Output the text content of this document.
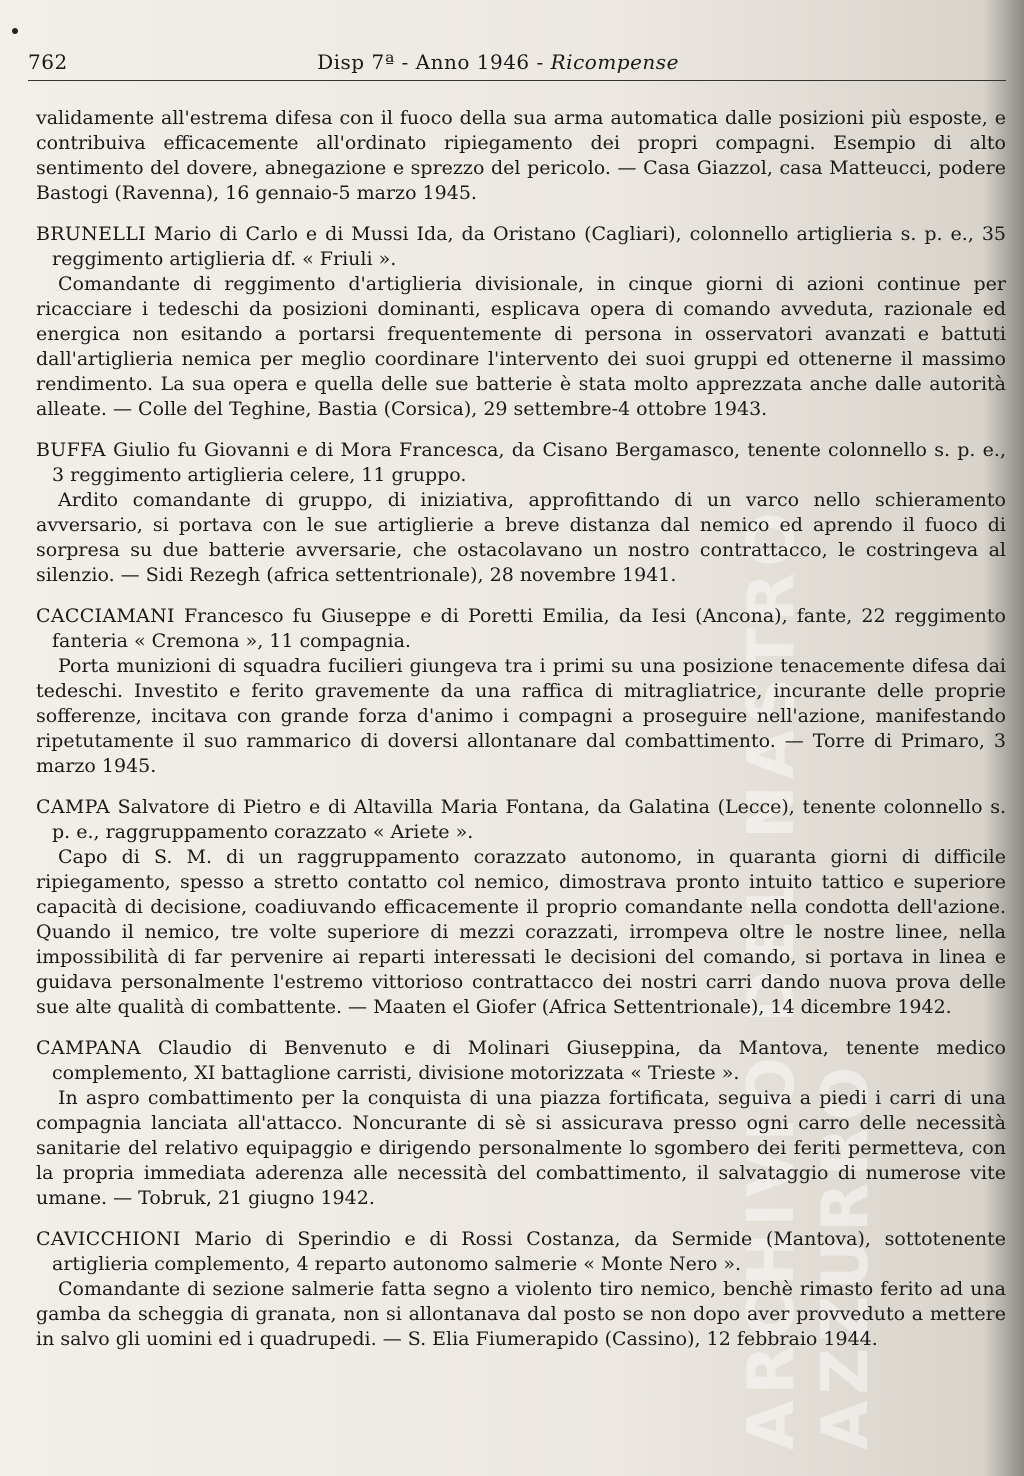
762	Disp 7ª - Anno 1946 - Ricompense
ARCHIVIO DEL NASTRO AZZURRO

validamente all'estrema difesa con il fuoco della sua arma automatica dalle posizioni più esposte, e contribuiva efficacemente all'ordinato ripiegamento dei propri compagni. Esempio di alto sentimento del dovere, abnegazione e sprezzo del pericolo. — Casa Giazzol, casa Matteucci, podere Bastogi (Ravenna), 16 gennaio-5 marzo 1945.

BRUNELLI Mario di Carlo e di Mussi Ida, da Oristano (Cagliari), colonnello artiglieria s. p. e., 35 reggimento artiglieria df. « Friuli ».

Comandante di reggimento d'artiglieria divisionale, in cinque giorni di azioni continue per ricacciare i tedeschi da posizioni dominanti, esplicava opera di comando avveduta, razionale ed energica non esitando a portarsi frequentemente di persona in osservatori avanzati e battuti dall'artiglieria nemica per meglio coordinare l'intervento dei suoi gruppi ed ottenerne il massimo rendimento. La sua opera e quella delle sue batterie è stata molto apprezzata anche dalle autorità alleate. — Colle del Teghine, Bastia (Corsica), 29 settembre-4 ottobre 1943.

BUFFA Giulio fu Giovanni e di Mora Francesca, da Cisano Bergamasco, tenente colonnello s. p. e., 3 reggimento artiglieria celere, 11 gruppo.

Ardito comandante di gruppo, di iniziativa, approfittando di un varco nello schieramento avversario, si portava con le sue artiglierie a breve distanza dal nemico ed aprendo il fuoco di sorpresa su due batterie avversarie, che ostacolavano un nostro contrattacco, le costringeva al silenzio. — Sidi Rezegh (africa settentrionale), 28 novembre 1941.

CACCIAMANI Francesco fu Giuseppe e di Poretti Emilia, da Iesi (Ancona), fante, 22 reggimento fanteria « Cremona », 11 compagnia.

Porta munizioni di squadra fucilieri giungeva tra i primi su una posizione tenacemente difesa dai tedeschi. Investito e ferito gravemente da una raffica di mitragliatrice, incurante delle proprie sofferenze, incitava con grande forza d'animo i compagni a proseguire nell'azione, manifestando ripetutamente il suo rammarico di doversi allontanare dal combattimento. — Torre di Primaro, 3 marzo 1945.

CAMPA Salvatore di Pietro e di Altavilla Maria Fontana, da Galatina (Lecce), tenente colonnello s. p. e., raggruppamento corazzato « Ariete ».

Capo di S. M. di un raggruppamento corazzato autonomo, in quaranta giorni di difficile ripiegamento, spesso a stretto contatto col nemico, dimostrava pronto intuito tattico e superiore capacità di decisione, coadiuvando efficacemente il proprio comandante nella condotta dell'azione. Quando il nemico, tre volte superiore di mezzi corazzati, irrompeva oltre le nostre linee, nella impossibilità di far pervenire ai reparti interessati le decisioni del comando, si portava in linea e guidava personalmente l'estremo vittorioso contrattacco dei nostri carri dando nuova prova delle sue alte qualità di combattente. — Maaten el Giofer (Africa Settentrionale), 14 dicembre 1942.

CAMPANA Claudio di Benvenuto e di Molinari Giuseppina, da Mantova, tenente medico complemento, XI battaglione carristi, divisione motorizzata « Trieste ».

In aspro combattimento per la conquista di una piazza fortificata, seguiva a piedi i carri di una compagnia lanciata all'attacco. Noncurante di sè si assicurava presso ogni carro delle necessità sanitarie del relativo equipaggio e dirigendo personalmente lo sgombero dei feriti permetteva, con la propria immediata aderenza alle necessità del combattimento, il salvataggio di numerose vite umane. — Tobruk, 21 giugno 1942.

CAVICCHIONI Mario di Sperindio e di Rossi Costanza, da Sermide (Mantova), sottotenente artiglieria complemento, 4 reparto autonomo salmerie « Monte Nero ».

Comandante di sezione salmerie fatta segno a violento tiro nemico, benchè rimasto ferito ad una gamba da scheggia di granata, non si allontanava dal posto se non dopo aver provveduto a mettere in salvo gli uomini ed i quadrupedi. — S. Elia Fiumerapido (Cassino), 12 febbraio 1944.
